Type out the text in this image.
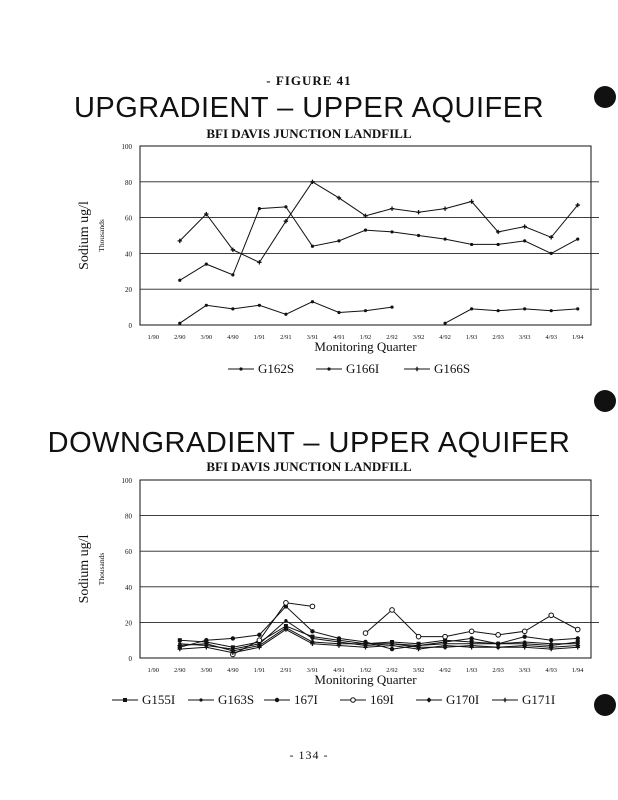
- FIGURE 41
UPGRADIENT – UPPER AQUIFER
BFI DAVIS JUNCTION LANDFILL
0
20
40
60
80
100
1/90 2/90 3/90 4/90 1/91 2/91 3/91 4/91 1/92 2/92 3/92 4/92 1/93 2/93 3/93 4/93 1/94
Monitoring Quarter
Sodium ug/l Thousands
G162S	G166I	G166S
0
20
40
60
80
100
1/90 2/90 3/90 4/90 1/91 2/91 3/91 4/91 1/92 2/92 3/92 4/92 1/93 2/93 3/93 4/93 1/94
Monitoring Quarter
Sodium ug/l Thousands
G155I	G163S	167I	169I	G170I	G171I
DOWNGRADIENT – UPPER AQUIFER
BFI DAVIS JUNCTION LANDFILL
- 134 -
